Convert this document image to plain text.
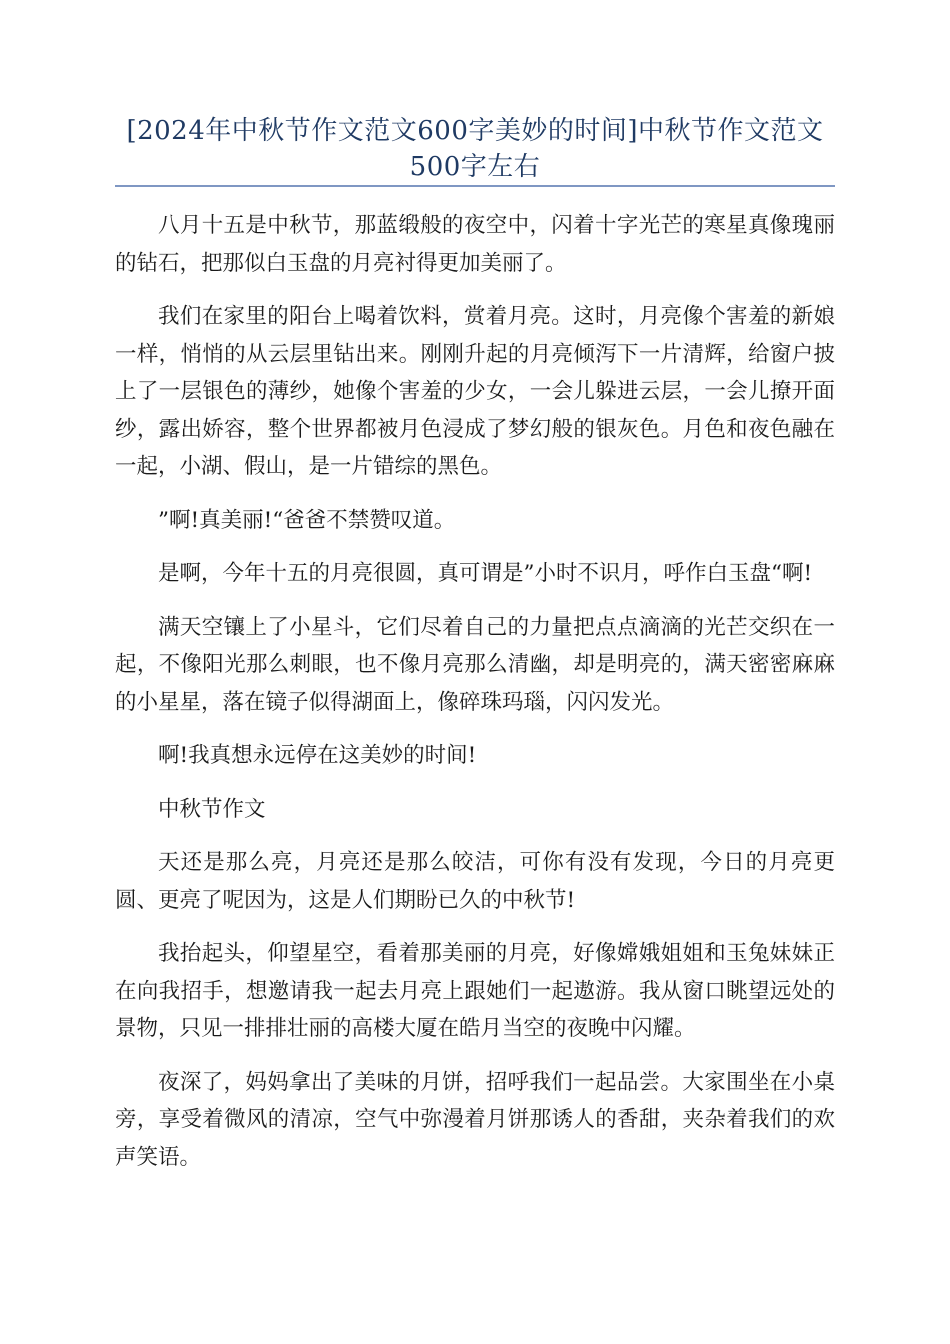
[2024年中秋节作文范文600字美妙的时间]中秋节作文范文500字左右

八月十五是中秋节，那蓝缎般的夜空中，闪着十字光芒的寒星真像瑰丽的钻石，把那似白玉盘的月亮衬得更加美丽了。

我们在家里的阳台上喝着饮料，赏着月亮。这时，月亮像个害羞的新娘一样，悄悄的从云层里钻出来。刚刚升起的月亮倾泻下一片清辉，给窗户披上了一层银色的薄纱，她像个害羞的少女，一会儿躲进云层，一会儿撩开面纱，露出娇容，整个世界都被月色浸成了梦幻般的银灰色。月色和夜色融在一起，小湖、假山，是一片错综的黑色。

”啊!真美丽!“爸爸不禁赞叹道。

是啊，今年十五的月亮很圆，真可谓是”小时不识月，呼作白玉盘“啊!

满天空镶上了小星斗，它们尽着自己的力量把点点滴滴的光芒交织在一起，不像阳光那么刺眼，也不像月亮那么清幽，却是明亮的，满天密密麻麻的小星星，落在镜子似得湖面上，像碎珠玛瑙，闪闪发光。

啊!我真想永远停在这美妙的时间!

中秋节作文

天还是那么亮，月亮还是那么皎洁，可你有没有发现，今日的月亮更圆、更亮了呢因为，这是人们期盼已久的中秋节!

我抬起头，仰望星空，看着那美丽的月亮，好像嫦娥姐姐和玉兔妹妹正在向我招手，想邀请我一起去月亮上跟她们一起遨游。我从窗口眺望远处的景物，只见一排排壮丽的高楼大厦在皓月当空的夜晚中闪耀。

夜深了，妈妈拿出了美味的月饼，招呼我们一起品尝。大家围坐在小桌旁，享受着微风的清凉，空气中弥漫着月饼那诱人的香甜，夹杂着我们的欢声笑语。
